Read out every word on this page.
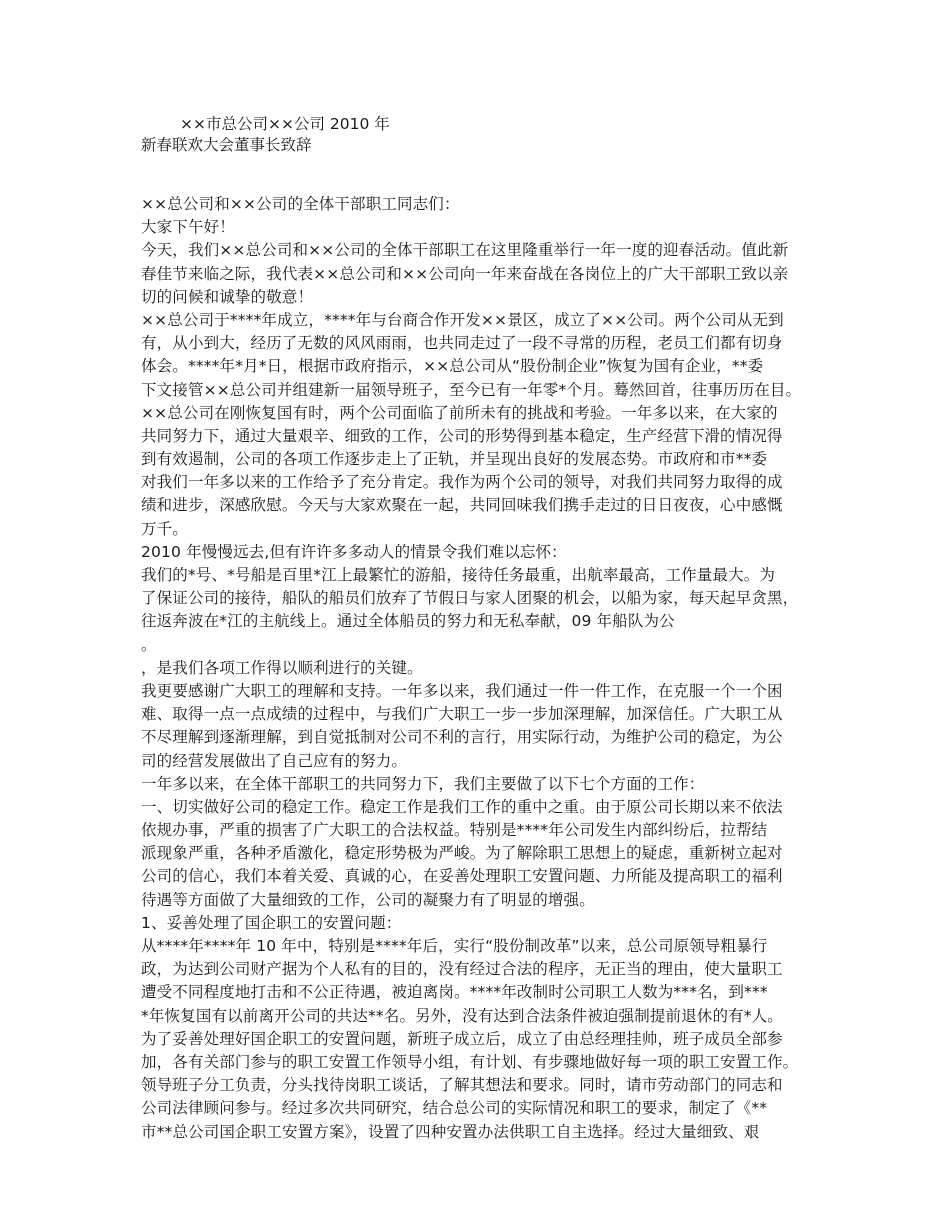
××市总公司××公司 2010 年
新春联欢大会董事长致辞
××总公司和××公司的全体干部职工同志们：
大家下午好！
今天，我们××总公司和××公司的全体干部职工在这里隆重举行一年一度的迎春活动。值此新
春佳节来临之际，我代表××总公司和××公司向一年来奋战在各岗位上的广大干部职工致以亲
切的问候和诚挚的敬意！
××总公司于****年成立，****年与台商合作开发××景区，成立了××公司。两个公司从无到
有，从小到大，经历了无数的风风雨雨，也共同走过了一段不寻常的历程，老员工们都有切身
体会。****年*月*日，根据市政府指示，××总公司从“股份制企业”恢复为国有企业，**委
下文接管××总公司并组建新一届领导班子，至今已有一年零*个月。蓦然回首，往事历历在目。
××总公司在刚恢复国有时，两个公司面临了前所未有的挑战和考验。一年多以来，在大家的
共同努力下，通过大量艰辛、细致的工作，公司的形势得到基本稳定，生产经营下滑的情况得
到有效遏制，公司的各项工作逐步走上了正轨，并呈现出良好的发展态势。市政府和市**委
对我们一年多以来的工作给予了充分肯定。我作为两个公司的领导，对我们共同努力取得的成
绩和进步，深感欣慰。今天与大家欢聚在一起，共同回味我们携手走过的日日夜夜，心中感慨
万千。
2010 年慢慢远去,但有许许多多动人的情景令我们难以忘怀：
我们的*号、*号船是百里*江上最繁忙的游船，接待任务最重，出航率最高，工作量最大。为
了保证公司的接待，船队的船员们放弃了节假日与家人团聚的机会，以船为家，每天起早贪黑，
往返奔波在*江的主航线上。通过全体船员的努力和无私奉献，09 年船队为公
。
，是我们各项工作得以顺利进行的关键。
我更要感谢广大职工的理解和支持。一年多以来，我们通过一件一件工作，在克服一个一个困
难、取得一点一点成绩的过程中，与我们广大职工一步一步加深理解，加深信任。广大职工从
不尽理解到逐渐理解，到自觉抵制对公司不利的言行，用实际行动，为维护公司的稳定，为公
司的经营发展做出了自己应有的努力。
一年多以来，在全体干部职工的共同努力下，我们主要做了以下七个方面的工作：
一、切实做好公司的稳定工作。稳定工作是我们工作的重中之重。由于原公司长期以来不依法
依规办事，严重的损害了广大职工的合法权益。特别是****年公司发生内部纠纷后，拉帮结
派现象严重，各种矛盾激化，稳定形势极为严峻。为了解除职工思想上的疑虑，重新树立起对
公司的信心，我们本着关爱、真诚的心，在妥善处理职工安置问题、力所能及提高职工的福利
待遇等方面做了大量细致的工作，公司的凝聚力有了明显的增强。
1、妥善处理了国企职工的安置问题：
从****年****年 10 年中，特别是****年后，实行“股份制改革”以来，总公司原领导粗暴行
政，为达到公司财产据为个人私有的目的，没有经过合法的程序，无正当的理由，使大量职工
遭受不同程度地打击和不公正待遇，被迫离岗。****年改制时公司职工人数为***名，到***
*年恢复国有以前离开公司的共达**名。另外，没有达到合法条件被迫强制提前退休的有*人。
为了妥善处理好国企职工的安置问题，新班子成立后，成立了由总经理挂帅，班子成员全部参
加，各有关部门参与的职工安置工作领导小组，有计划、有步骤地做好每一项的职工安置工作。
领导班子分工负责，分头找待岗职工谈话，了解其想法和要求。同时，请市劳动部门的同志和
公司法律顾问参与。经过多次共同研究，结合总公司的实际情况和职工的要求，制定了《**
市**总公司国企职工安置方案》，设置了四种安置办法供职工自主选择。经过大量细致、艰
